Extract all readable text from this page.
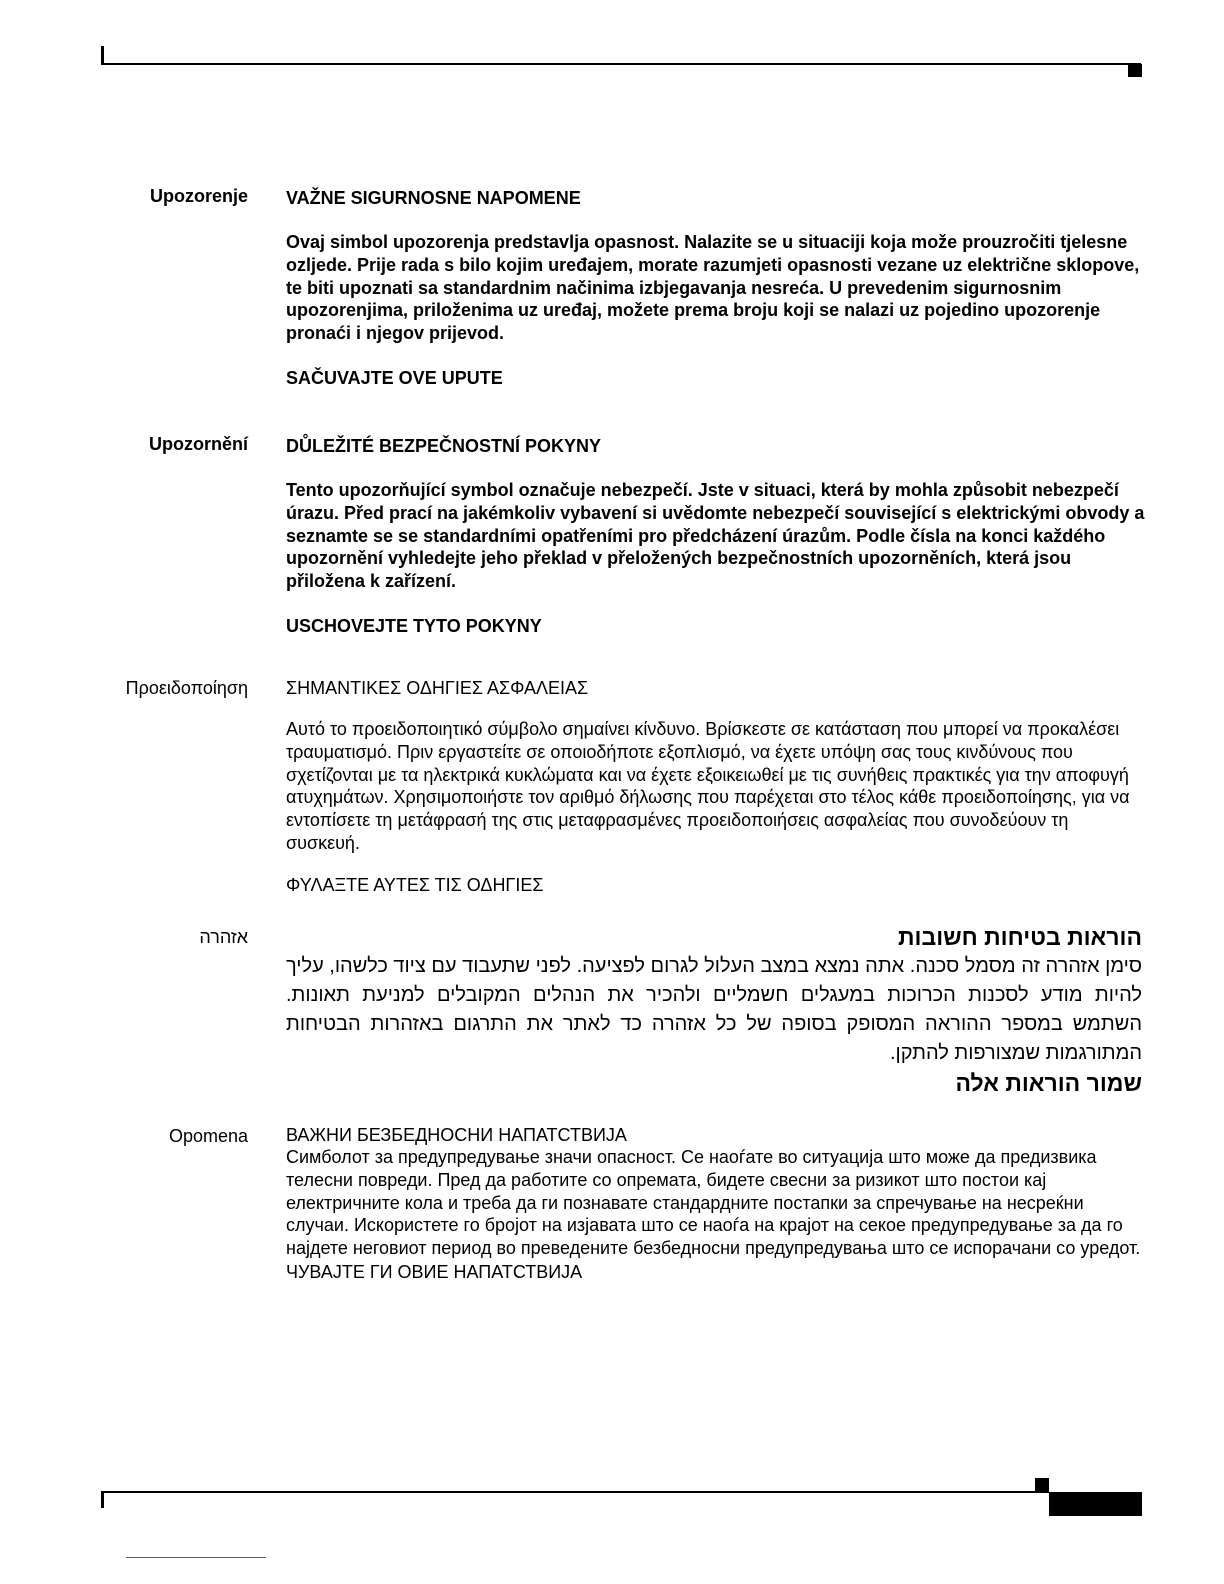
Upozorenje VAŽNE SIGURNOSNE NAPOMENE

Ovaj simbol upozorenja predstavlja opasnost. Nalazite se u situaciji koja može prouzročiti tjelesne ozljede. Prije rada s bilo kojim uređajem, morate razumjeti opasnosti vezane uz električne sklopove, te biti upoznati sa standardnim načinima izbjegavanja nesreća. U prevedenim sigurnosnim upozorenjima, priloženima uz uređaj, možete prema broju koji se nalazi uz pojedino upozorenje pronaći i njegov prijevod.

SAČUVAJTE OVE UPUTE

Upozornění DŮLEŽITÉ BEZPEČNOSTNÍ POKYNY

Tento upozorňující symbol označuje nebezpečí. Jste v situaci, která by mohla způsobit nebezpečí úrazu. Před prací na jakémkoliv vybavení si uvědomte nebezpečí související s elektrickými obvody a seznamte se se standardními opatřeními pro předcházení úrazům. Podle čísla na konci každého upozornění vyhledejte jeho překlad v přeložených bezpečnostních upozorněních, která jsou přiložena k zařízení.

USCHOVEJTE TYTO POKYNY

Προειδοποίηση ΣΗΜΑΝΤΙΚΕΣ ΟΔΗΓΙΕΣ ΑΣΦΑΛΕΙΑΣ

Αυτό το προειδοποιητικό σύμβολο σημαίνει κίνδυνο. Βρίσκεστε σε κατάσταση που μπορεί να προκαλέσει τραυματισμό. Πριν εργαστείτε σε οποιοδήποτε εξοπλισμό, να έχετε υπόψη σας τους κινδύνους που σχετίζονται με τα ηλεκτρικά κυκλώματα και να έχετε εξοικειωθεί με τις συνήθεις πρακτικές για την αποφυγή ατυχημάτων. Χρησιμοποιήστε τον αριθμό δήλωσης που παρέχεται στο τέλος κάθε προειδοποίησης, για να εντοπίσετε τη μετάφρασή της στις μεταφρασμένες προειδοποιήσεις ασφαλείας που συνοδεύουν τη συσκευή.

ΦΥΛΑΞΤΕ ΑΥΤΕΣ ΤΙΣ ΟΔΗΓΙΕΣ

אזהרה	הוראות בטיחות חשובות

סימן אזהרה זה מסמל סכנה. אתה נמצא במצב העלול לגרום לפציעה. לפני שתעבוד עם ציוד כלשהו, עליך להיות מודע לסכנות הכרוכות במעגלים חשמליים ולהכיר את הנהלים המקובלים למניעת תאונות. השתמש במספר ההוראה המסופק בסופה של כל אזהרה כד לאתר את התרגום באזהרות הבטיחות המתורגמות שמצורפות להתקן.

שמור הוראות אלה

Opomena ВАЖНИ БЕЗБЕДНОСНИ НАПАТСТВИЈА

Симболот за предупредување значи опасност. Се наоѓате во ситуација што може да предизвика телесни повреди. Пред да работите со опремата, бидете свесни за ризикот што постои кај електричните кола и треба да ги познавате стандардните постапки за спречување на несреќни случаи. Искористете го бројот на изјавата што се наоѓа на крајот на секое предупредување за да го најдете неговиот период во преведените безбедносни предупредувања што се испорачани со уредот.

ЧУВАЈТЕ ГИ ОВИЕ НАПАТСТВИЈА
